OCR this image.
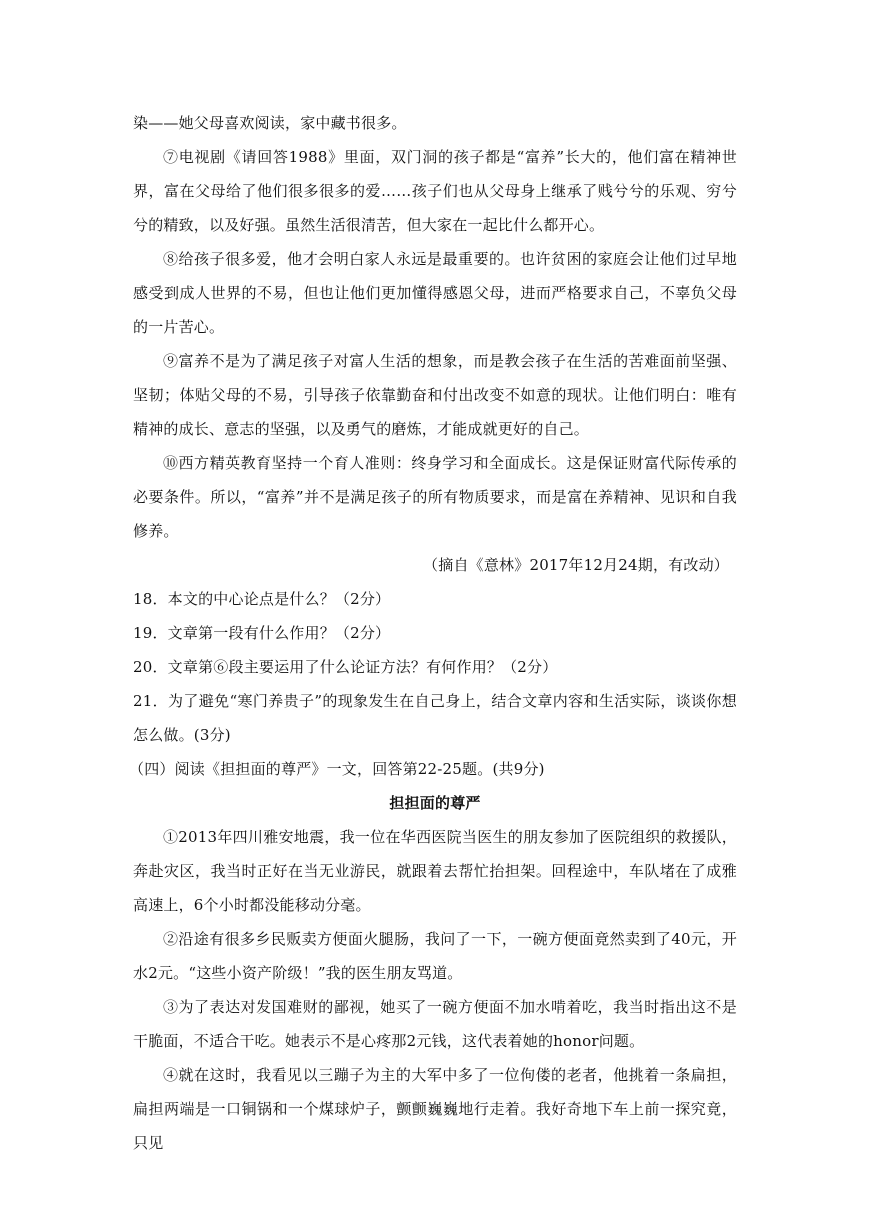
染——她父母喜欢阅读，家中藏书很多。

⑦电视剧《请回答1988》里面，双门洞的孩子都是“富养”长大的，他们富在精神世界，富在父母给了他们很多很多的爱……孩子们也从父母身上继承了贱兮兮的乐观、穷兮兮的精致，以及好强。虽然生活很清苦，但大家在一起比什么都开心。

⑧给孩子很多爱，他才会明白家人永远是最重要的。也许贫困的家庭会让他们过早地感受到成人世界的不易，但也让他们更加懂得感恩父母，进而严格要求自己，不辜负父母的一片苦心。

⑨富养不是为了满足孩子对富人生活的想象，而是教会孩子在生活的苦难面前坚强、坚韧；体贴父母的不易，引导孩子依靠勤奋和付出改变不如意的现状。让他们明白：唯有精神的成长、意志的坚强，以及勇气的磨炼，才能成就更好的自己。

⑩西方精英教育坚持一个育人准则：终身学习和全面成长。这是保证财富代际传承的必要条件。所以，“富养”并不是满足孩子的所有物质要求，而是富在养精神、见识和自我修养。

（摘自《意林》2017年12月24期，有改动）

18．本文的中心论点是什么？（2分）

19．文章第一段有什么作用？（2分）

20．文章第⑥段主要运用了什么论证方法？有何作用？（2分）

21．为了避免“寒门养贵子”的现象发生在自己身上，结合文章内容和生活实际，谈谈你想怎么做。(3分)

（四）阅读《担担面的尊严》一文，回答第22-25题。(共9分)

担担面的尊严

①2013年四川雅安地震，我一位在华西医院当医生的朋友参加了医院组织的救援队，奔赴灾区，我当时正好在当无业游民，就跟着去帮忙抬担架。回程途中，车队堵在了成雅高速上，6个小时都没能移动分毫。

②沿途有很多乡民贩卖方便面火腿肠，我问了一下，一碗方便面竟然卖到了40元，开水2元。“这些小资产阶级！”我的医生朋友骂道。

③为了表达对发国难财的鄙视，她买了一碗方便面不加水啃着吃，我当时指出这不是干脆面，不适合干吃。她表示不是心疼那2元钱，这代表着她的honor问题。

④就在这时，我看见以三蹦子为主的大军中多了一位佝偻的老者，他挑着一条扁担，扁担两端是一口铜锅和一个煤球炉子，颤颤巍巍地行走着。我好奇地下车上前一探究竟，只见
